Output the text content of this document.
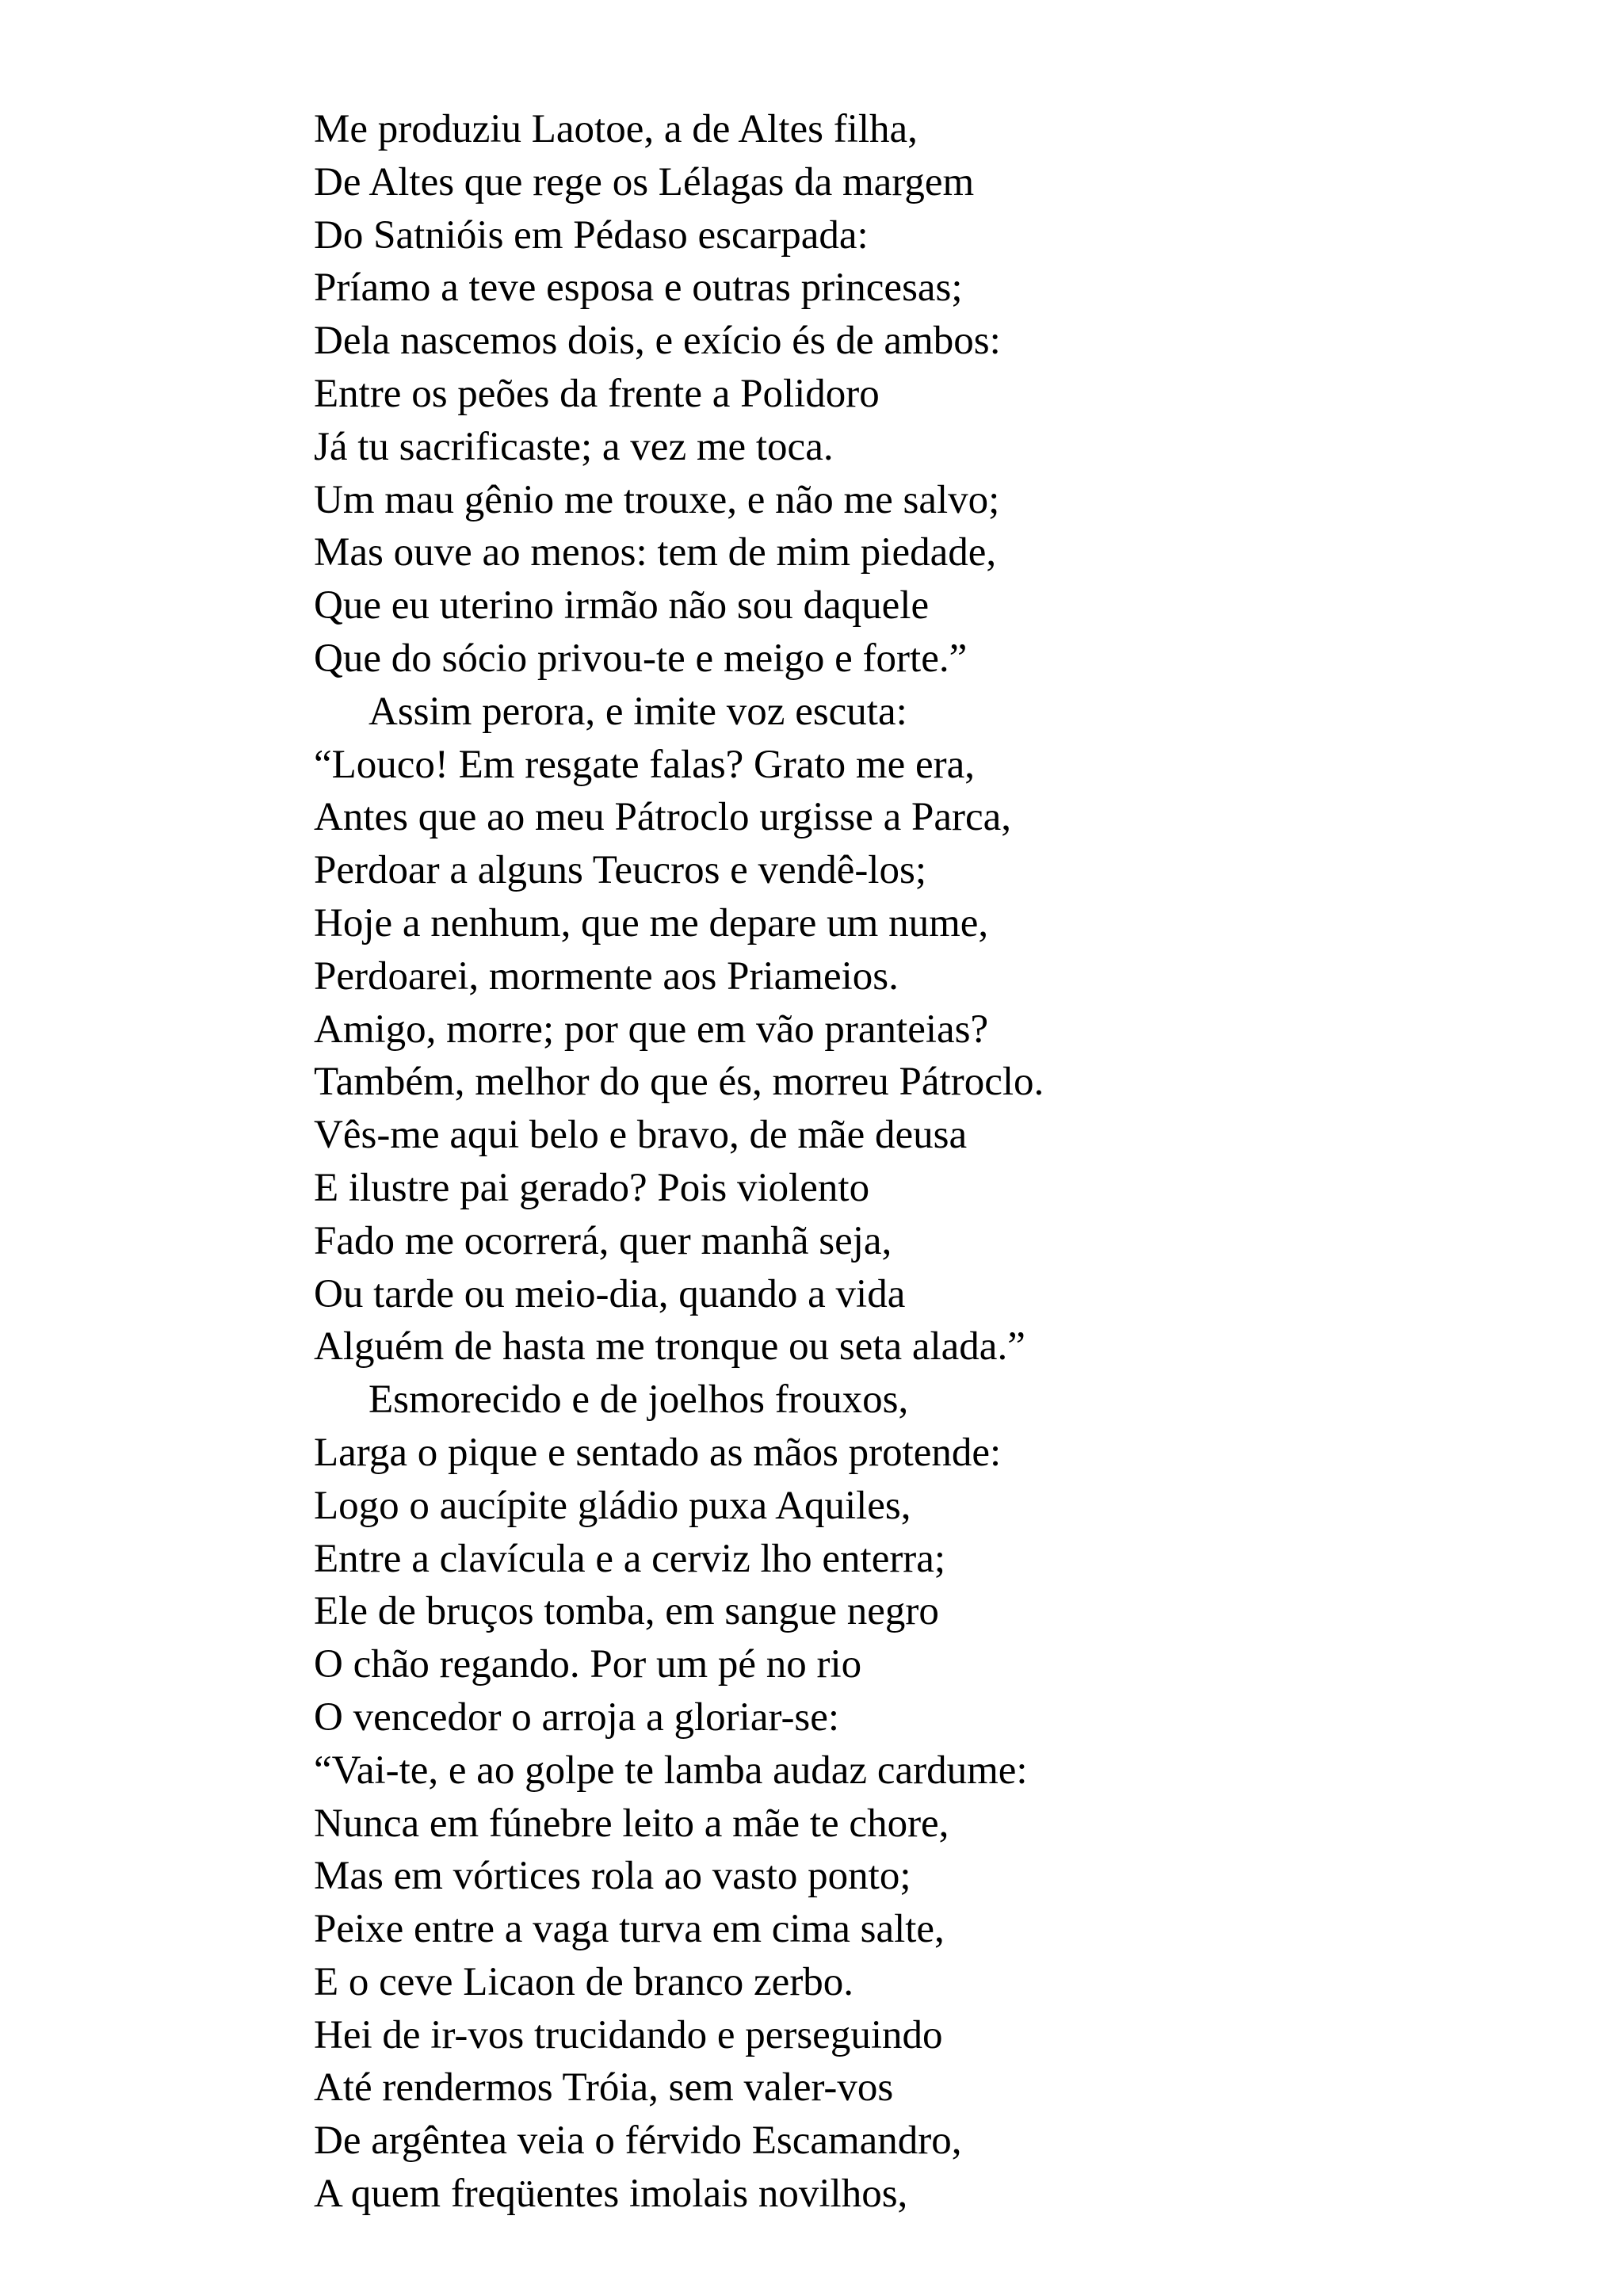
Me produziu Laotoe, a de Altes filha,
De Altes que rege os Lélagas da margem
Do Satnióis em Pédaso escarpada:
Príamo a teve esposa e outras princesas;
Dela nascemos dois, e exício és de ambos:
Entre os peões da frente a Polidoro
Já tu sacrificaste; a vez me toca.
Um mau gênio me trouxe, e não me salvo;
Mas ouve ao menos: tem de mim piedade,
Que eu uterino irmão não sou daquele
Que do sócio privou-te e meigo e forte.”
Assim perora, e imite voz escuta:
“Louco! Em resgate falas? Grato me era,
Antes que ao meu Pátroclo urgisse a Parca,
Perdoar a alguns Teucros e vendê-los;
Hoje a nenhum, que me depare um nume,
Perdoarei, mormente aos Priameios.
Amigo, morre; por que em vão pranteias?
Também, melhor do que és, morreu Pátroclo.
Vês-me aqui belo e bravo, de mãe deusa
E ilustre pai gerado? Pois violento
Fado me ocorrerá, quer manhã seja,
Ou tarde ou meio-dia, quando a vida
Alguém de hasta me tronque ou seta alada.”
Esmorecido e de joelhos frouxos,
Larga o pique e sentado as mãos protende:
Logo o aucípite gládio puxa Aquiles,
Entre a clavícula e a cerviz lho enterra;
Ele de bruços tomba, em sangue negro
O chão regando. Por um pé no rio
O vencedor o arroja a gloriar-se:
“Vai-te, e ao golpe te lamba audaz cardume:
Nunca em fúnebre leito a mãe te chore,
Mas em vórtices rola ao vasto ponto;
Peixe entre a vaga turva em cima salte,
E o ceve Licaon de branco zerbo.
Hei de ir-vos trucidando e perseguindo
Até rendermos Tróia, sem valer-vos
De argêntea veia o férvido Escamandro,
A quem freqüentes imolais novilhos,
